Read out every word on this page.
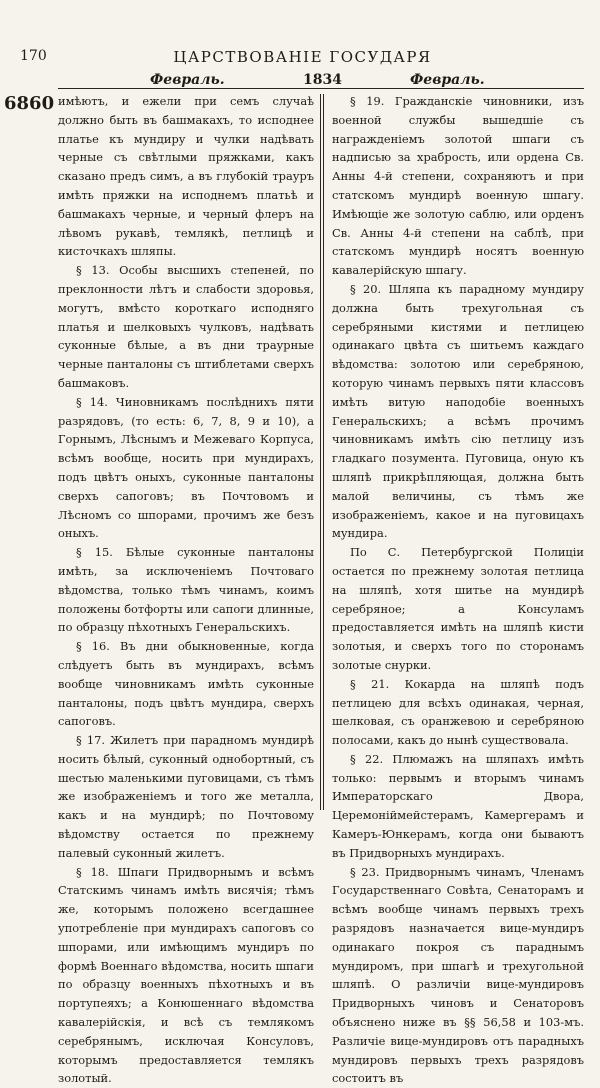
170	ЦАРСТВОВАНІЕ ГОСУДАРЯ
Февраль.	1834	Февраль.
6860 имѣютъ, и ежели при семъ случаѣ должно быть въ башмакахъ, то исподнее платье къ мундиру и чулки надѣвать черные съ свѣтлыми пряжками, какъ сказано предъ симъ, а въ глубокій трауръ имѣть пряжки на исподнемъ платьѣ и башмакахъ черные, и черный флеръ на лѣвомъ рукавѣ, темлякѣ, петлицѣ и кисточкахъ шляпы.

§ 13. Особы высшихъ степеней, по преклонности лѣтъ и слабости здоровья, могутъ, вмѣсто короткаго исподняго платья и шелковыхъ чулковъ, надѣвать суконные бѣлые, а въ дни траурные черные панталоны съ штиблетами сверхъ башмаковъ.

§ 14. Чиновникамъ послѣднихъ пяти разрядовъ, (то есть: 6, 7, 8, 9 и 10), а Горнымъ, Лѣснымъ и Межеваго Корпуса, всѣмъ вообще, носить при мундирахъ, подъ цвѣтъ оныхъ, суконные панталоны сверхъ сапоговъ; въ Почтовомъ и Лѣсномъ со шпорами, прочимъ же безъ оныхъ.

§ 15. Бѣлые суконные панталоны имѣть, за исключеніемъ Почтоваго вѣдомства, только тѣмъ чинамъ, коимъ положены ботфорты или сапоги длинные, по образцу пѣхотныхъ Генеральскихъ.

§ 16. Въ дни обыкновенные, когда слѣдуетъ быть въ мундирахъ, всѣмъ вообще чиновникамъ имѣть суконные панталоны, подъ цвѣтъ мундира, сверхъ сапоговъ.

§ 17. Жилетъ при парадномъ мундирѣ носить бѣлый, суконный однобортный, съ шестью маленькими пуговицами, съ тѣмъ же изображеніемъ и того же металла, какъ и на мундирѣ; по Почтовому вѣдомству остается по прежнему палевый суконный жилетъ.

§ 18. Шпаги Придворнымъ и всѣмъ Статскимъ чинамъ имѣть висячія; тѣмъ же, которымъ положено всегдашнее употребленіе при мундирахъ сапоговъ со шпорами, или имѣющимъ мундиръ по формѣ Военнаго вѣдомства, носить шпаги по образцу военныхъ пѣхотныхъ и въ портупеяхъ; а Конюшеннаго вѣдомства кавалерійскія, и всѣ съ темлякомъ серебрянымъ, исключая Консуловъ, которымъ предоставляется темлякъ золотый.

§ 19. Гражданскіе чиновники, изъ военной службы вышедшіе съ награжденіемъ золотой шпаги съ надписью за храбрость, или ордена Св. Анны 4-й степени, сохраняютъ и при статскомъ мундирѣ военную шпагу. Имѣющіе же золотую саблю, или орденъ Св. Анны 4-й степени на саблѣ, при статскомъ мундирѣ носятъ военную кавалерійскую шпагу.

§ 20. Шляпа къ парадному мундиру должна быть трехугольная съ серебряными кистями и петлицею одинакаго цвѣта съ шитьемъ каждаго вѣдомства: золотою или серебряною, которую чинамъ первыхъ пяти классовъ имѣть витую наподобіе военныхъ Генеральскихъ; а всѣмъ прочимъ чиновникамъ имѣть сію петлицу изъ гладкаго позумента. Пуговица, оную къ шляпѣ прикрѣпляющая, должна быть малой величины, съ тѣмъ же изображеніемъ, какое и на пуговицахъ мундира.

По С. Петербургской Полиціи остается по прежнему золотая петлица на шляпѣ, хотя шитье на мундирѣ серебряное; а Консуламъ предоставляется имѣть на шляпѣ кисти золотыя, и сверхъ того по сторонамъ золотые снурки.

§ 21. Кокарда на шляпѣ подъ петлицею для всѣхъ одинакая, черная, шелковая, съ оранжевою и серебряною полосами, какъ до нынѣ существовала.

§ 22. Плюмажъ на шляпахъ имѣть только: первымъ и вторымъ чинамъ Императорскаго Двора, Церемоніймейстерамъ, Камергерамъ и Камеръ-Юнкерамъ, когда они бываютъ въ Придворныхъ мундирахъ.

§ 23. Придворнымъ чинамъ, Членамъ Государственнаго Совѣта, Сенаторамъ и всѣмъ вообще чинамъ первыхъ трехъ разрядовъ назначается вице-мундиръ одинакаго покроя съ параднымъ мундиромъ, при шпагѣ и трехугольной шляпѣ. О различіи вице-мундировъ Придворныхъ чиновъ и Сенаторовъ объяснено ниже въ §§ 56,58 и 103-мъ. Различіе вице-мундировъ отъ парадныхъ мундировъ первыхъ трехъ разрядовъ состоитъ въ
